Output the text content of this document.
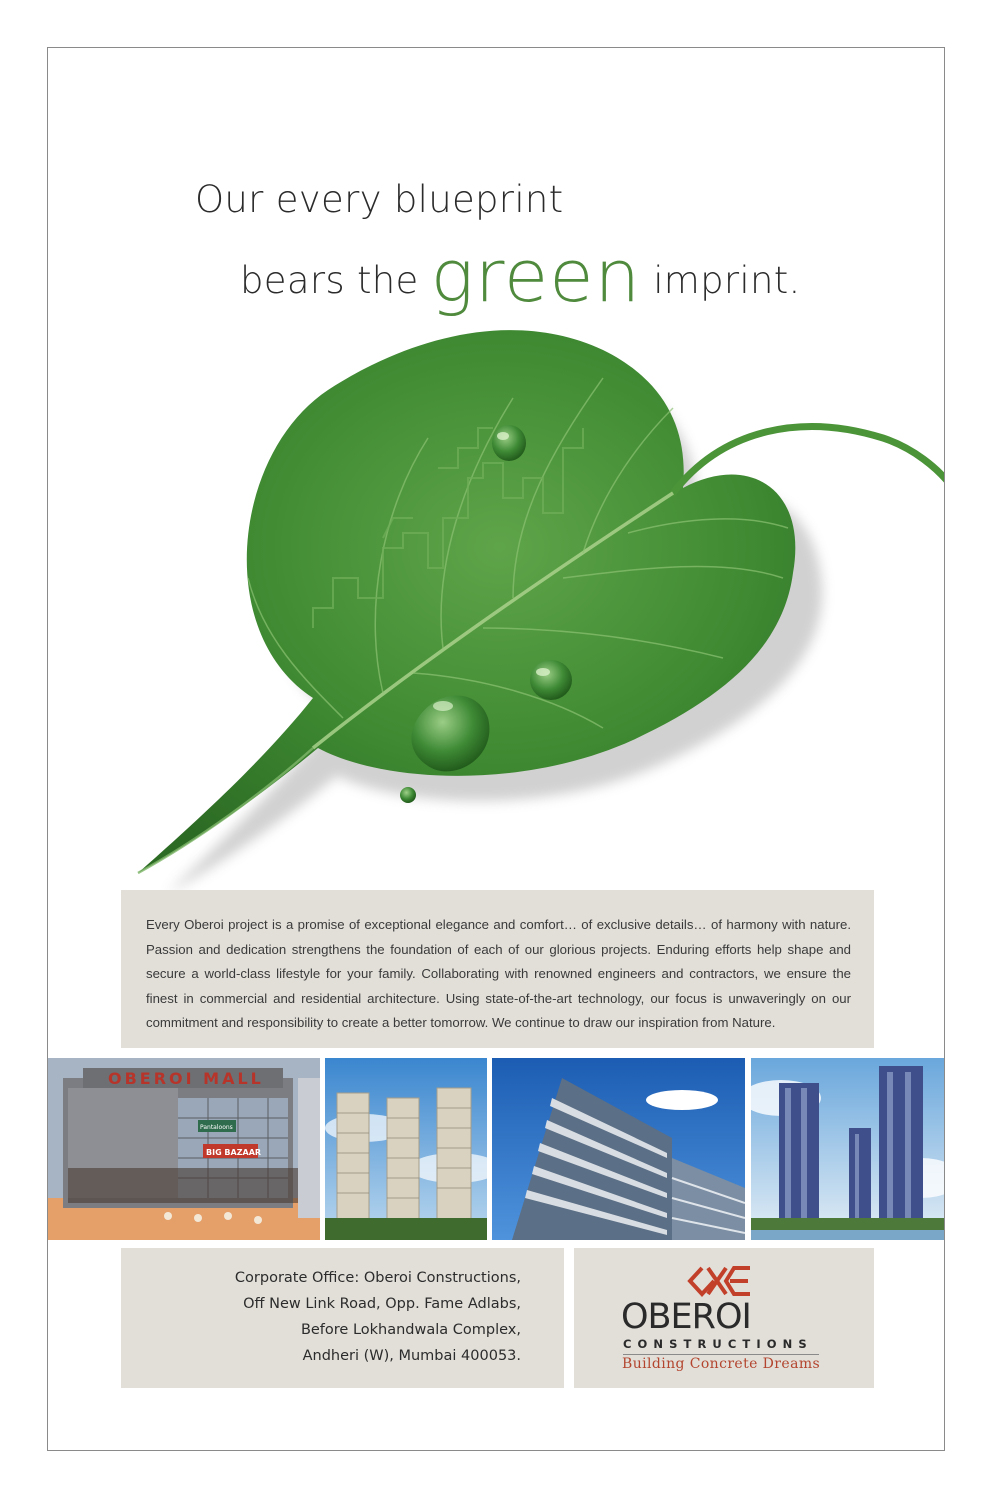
Our every blueprint
bears the green imprint.

Every Oberoi project is a promise of exceptional elegance and comfort… of exclusive details… of harmony with nature. Passion and dedication strengthens the foundation of each of our glorious projects. Enduring efforts help shape and secure a world-class lifestyle for your family. Collaborating with renowned engineers and contractors, we ensure the finest in commercial and residential architecture. Using state-of-the-art technology, our focus is unwaveringly on our commitment and responsibility to create a better tomorrow. We continue to draw our inspiration from Nature.

OBEROI MALL
Pantaloons
BIG BAZAAR
Corporate Office: Oberoi Constructions,
Off New Link Road, Opp. Fame Adlabs,
Before Lokhandwala Complex,
Andheri (W), Mumbai 400053.
OBEROI
CONSTRUCTIONS
Building Concrete Dreams
